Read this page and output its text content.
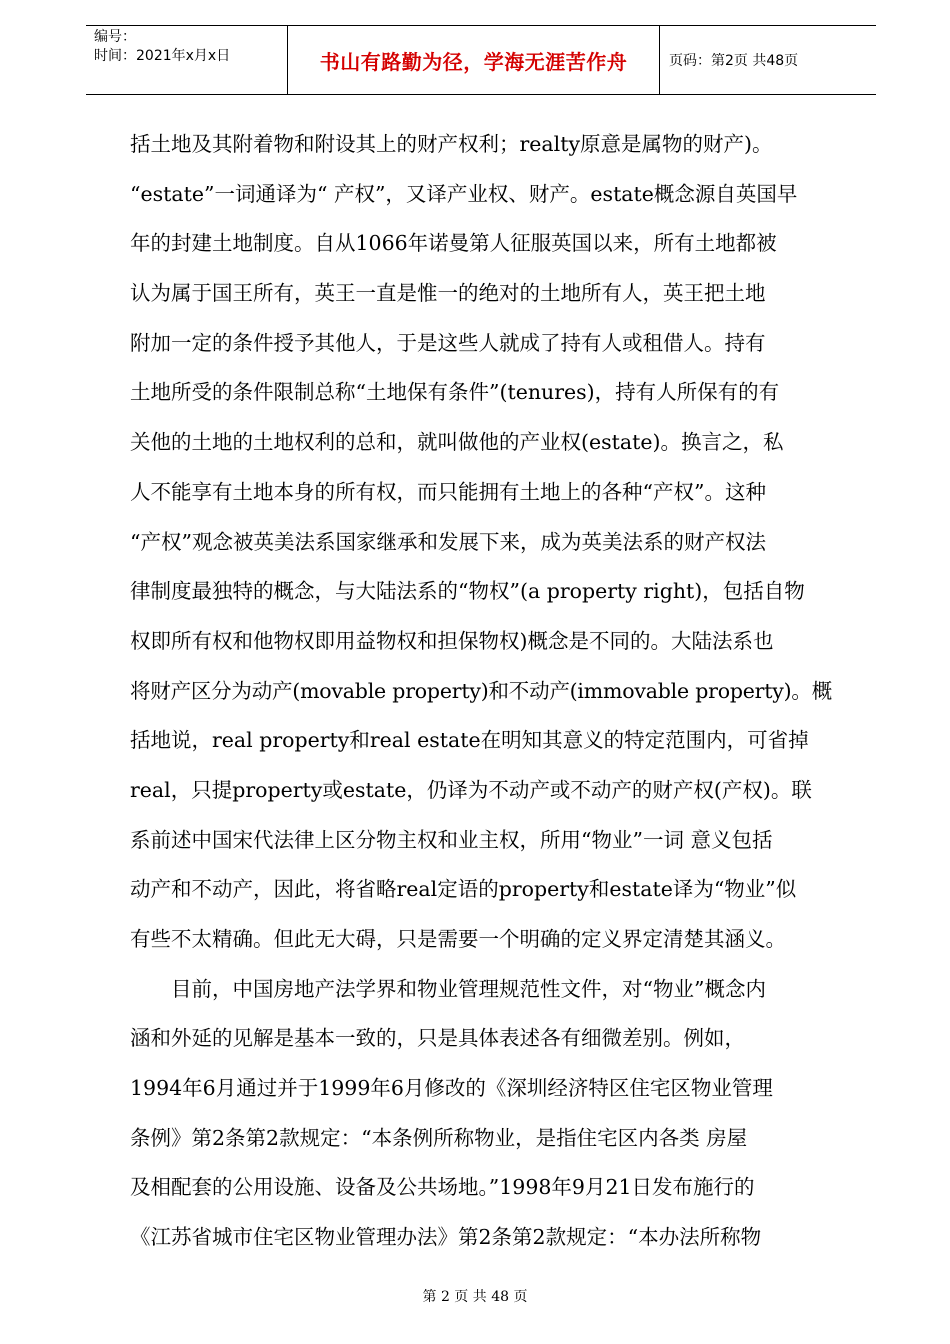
编号：
时间：2021年x月x日	书山有路勤为径，学海无涯苦作舟	页码：第2页 共48页
括土地及其附着物和附设其上的财产权利；realty原意是属物的财产)。
“estate”一词通译为“ 产权”，又译产业权、财产。estate概念源自英国早
年的封建土地制度。自从1066年诺曼第人征服英国以来，所有土地都被
认为属于国王所有，英王一直是惟一的绝对的土地所有人，英王把土地
附加一定的条件授予其他人，于是这些人就成了持有人或租借人。持有
土地所受的条件限制总称“土地保有条件”(tenures)，持有人所保有的有
关他的土地的土地权利的总和，就叫做他的产业权(estate)。换言之，私
人不能享有土地本身的所有权，而只能拥有土地上的各种“产权”。这种
“产权”观念被英美法系国家继承和发展下来，成为英美法系的财产权法
律制度最独特的概念，与大陆法系的“物权”(a property right)，包括自物
权即所有权和他物权即用益物权和担保物权)概念是不同的。大陆法系也
将财产区分为动产(movable property)和不动产(immovable property)。概
括地说，real property和real estate在明知其意义的特定范围内，可省掉
real，只提property或estate，仍译为不动产或不动产的财产权(产权)。联
系前述中国宋代法律上区分物主权和业主权，所用“物业”一词 意义包括
动产和不动产，因此，将省略real定语的property和estate译为“物业”似
有些不太精确。但此无大碍，只是需要一个明确的定义界定清楚其涵义。
目前，中国房地产法学界和物业管理规范性文件，对“物业”概念内
涵和外延的见解是基本一致的，只是具体表述各有细微差别。例如，
1994年6月通过并于1999年6月修改的《深圳经济特区住宅区物业管理
条例》第2条第2款规定：“本条例所称物业，是指住宅区内各类 房屋
及相配套的公用设施、设备及公共场地。”1998年9月21日发布施行的
《江苏省城市住宅区物业管理办法》第2条第2款规定：“本办法所称物
第 2 页 共 48 页
